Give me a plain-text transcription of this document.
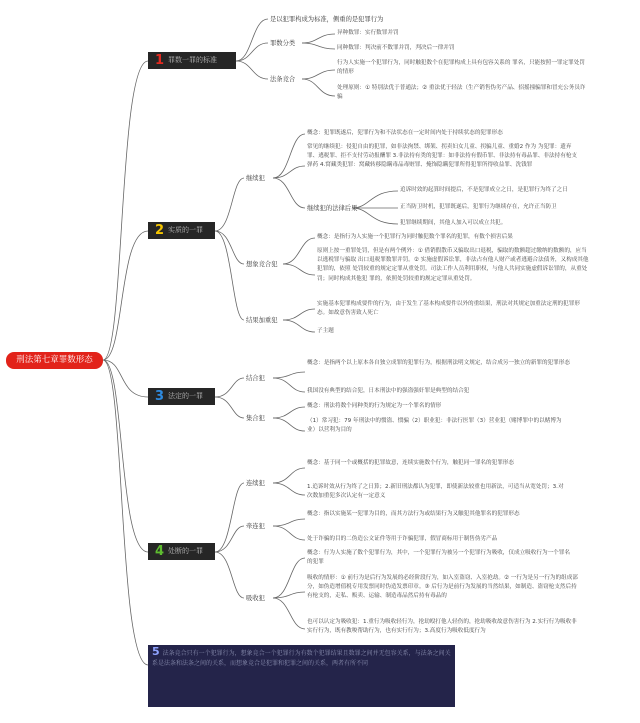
刑法第七章罪数形态
1 罪数一罪的标准
2 实质的一罪
3 法定的一罪
4 处断的一罪
是以犯罪构成为标准，侧重的是犯罪行为
罪数分类
异种数罪：实行数罪并罚
同种数罪：判决前不数罪并罚，判决后一律并罚
法条竞合
行为人实施一个犯罪行为，同时触犯数个在犯罪构成上具有包容关系的 罪名，只能按照一罪定罪处罚的情形
处理原则：① 特别法优于普通法；② 重法优于轻法（生产销售伪劣产品、招摇撞骗罪和冒充公务员诈骗
继续犯
概念：犯罪既遂后，犯罪行为和不法状态在一定时间内处于持续状态的犯罪形态
常见的继续犯：侵犯自由的犯罪，如非法拘禁、绑架、拐卖妇女儿童、拐骗儿童、重婚2 作为 为犯罪：遗弃罪、逃税罪、拒不支付劳动报酬罪 3.非法持有类的犯罪：如非法持有假币罪、非法持有毒品罪、非法持有枪支弹药 4.窝藏类犯罪：窝藏转移隐瞒毒品毒赃罪、掩饰隐瞒犯罪所得犯罪所得收益罪、洗钱罪
继续犯的法律后果
追诉时效的起算时间提后，不是犯罪成立之日，是犯罪行为终了之日
正当防卫时机，犯罪既遂后，犯罪行为继续存在，允许正当防卫
犯罪继续期间，其他人加入可以成立共犯。
想象竞合犯
概念：是指行为人实施一个犯罪行为同时触犯数个罪名的犯罪，有数个损害后果
原则上按一重罪处罚，但是有两个例外：① 借销假散币又骗取出口退税，骗取的数额超过缴纳的数额的，应当以逃税罪与骗取 出口退税罪数罪并罚。② 实施虚假诉讼罪，非法占有他人财产或者逃避合法债务，又构成其他犯罪的，依照 处罚较重的规定定罪从重处罚。司法工作人员利用职权，与他人共同实施虚假诉讼罪的，从重处罚；同时构成其他犯 罪的，依照处罚较重的规定定罪从重处罚。
结果加重犯
实施基本犯罪构成要件的行为，由于发生了基本构成要件以外的重结果，刑法对其规定加重法定刑的犯罪形态。如故意伤害致人死亡
子主题
结合犯
概念：是指两个以上原本各自独立成罪的犯罪行为，根据刑法明文规定，结合成另一独立的新罪的犯罪形态
我国没有典型的结合犯，日本刑法中的强盗强奸罪是典型的结合犯
集合犯
概念：刑法将数个同种类的行为规定为一个罪名的情形
（1）常习犯：79 年刑法中的惯盗、惯骗（2）职业犯：非法行医罪（3）营业犯（赌博罪中的以赌博为业）以营利为目的
连续犯
概念：基于同一个或概括的犯罪故意，连续实施数个行为，触犯同一罪名的犯罪形态
1.追诉时效从行为终了之日算；2.新旧刑法都认为犯罪，即使新法较重也用新法，可适当从宽处罚；3.对次数加重犯多次认定有一定意义
牵连犯
概念：指以实施某一犯罪为目的，而其方法行为或结果行为又触犯其他罪名的犯罪形态
处于诈骗的目的二伪造公文证件等用于诈骗犯罪，假冒商标用于制售伪劣产品
吸收犯
概念：行为人实施了数个犯罪行为，其中，一个犯罪行为被另一个犯罪行为吸收，仅成立吸收行为一个罪名的犯罪
吸收的情形：① 前行为是后行为发展的必经阶段行为，如入室盗窃、入室抢劫。② 一行为是另一行为的组成部分，如伪造增值税专用发票同时伪造发票印章。③ 后行为是前行为发展的当然结果，如制造、盗窃枪支然后持有枪支的，走私、贩卖、运输、制造毒品然后持有毒品的
也可以认定为吸收犯：1.重行为吸收轻行为，抢劫殴打他人轻伤的，抢劫吸收故意伤害行为 2.实行行为吸收非实行行为，既有教唆帮助行为，也有实行行为；3.高度行为吸收低度行为
5 法条竞合只有一个犯罪行为，想象竞合一个犯罪行为有数个犯罪结果且数罪之间并无包容关系，与法条之间关系是法条和法条之间的关系，而想象竞合是犯罪和犯罪之间的关系，两者有所不同
